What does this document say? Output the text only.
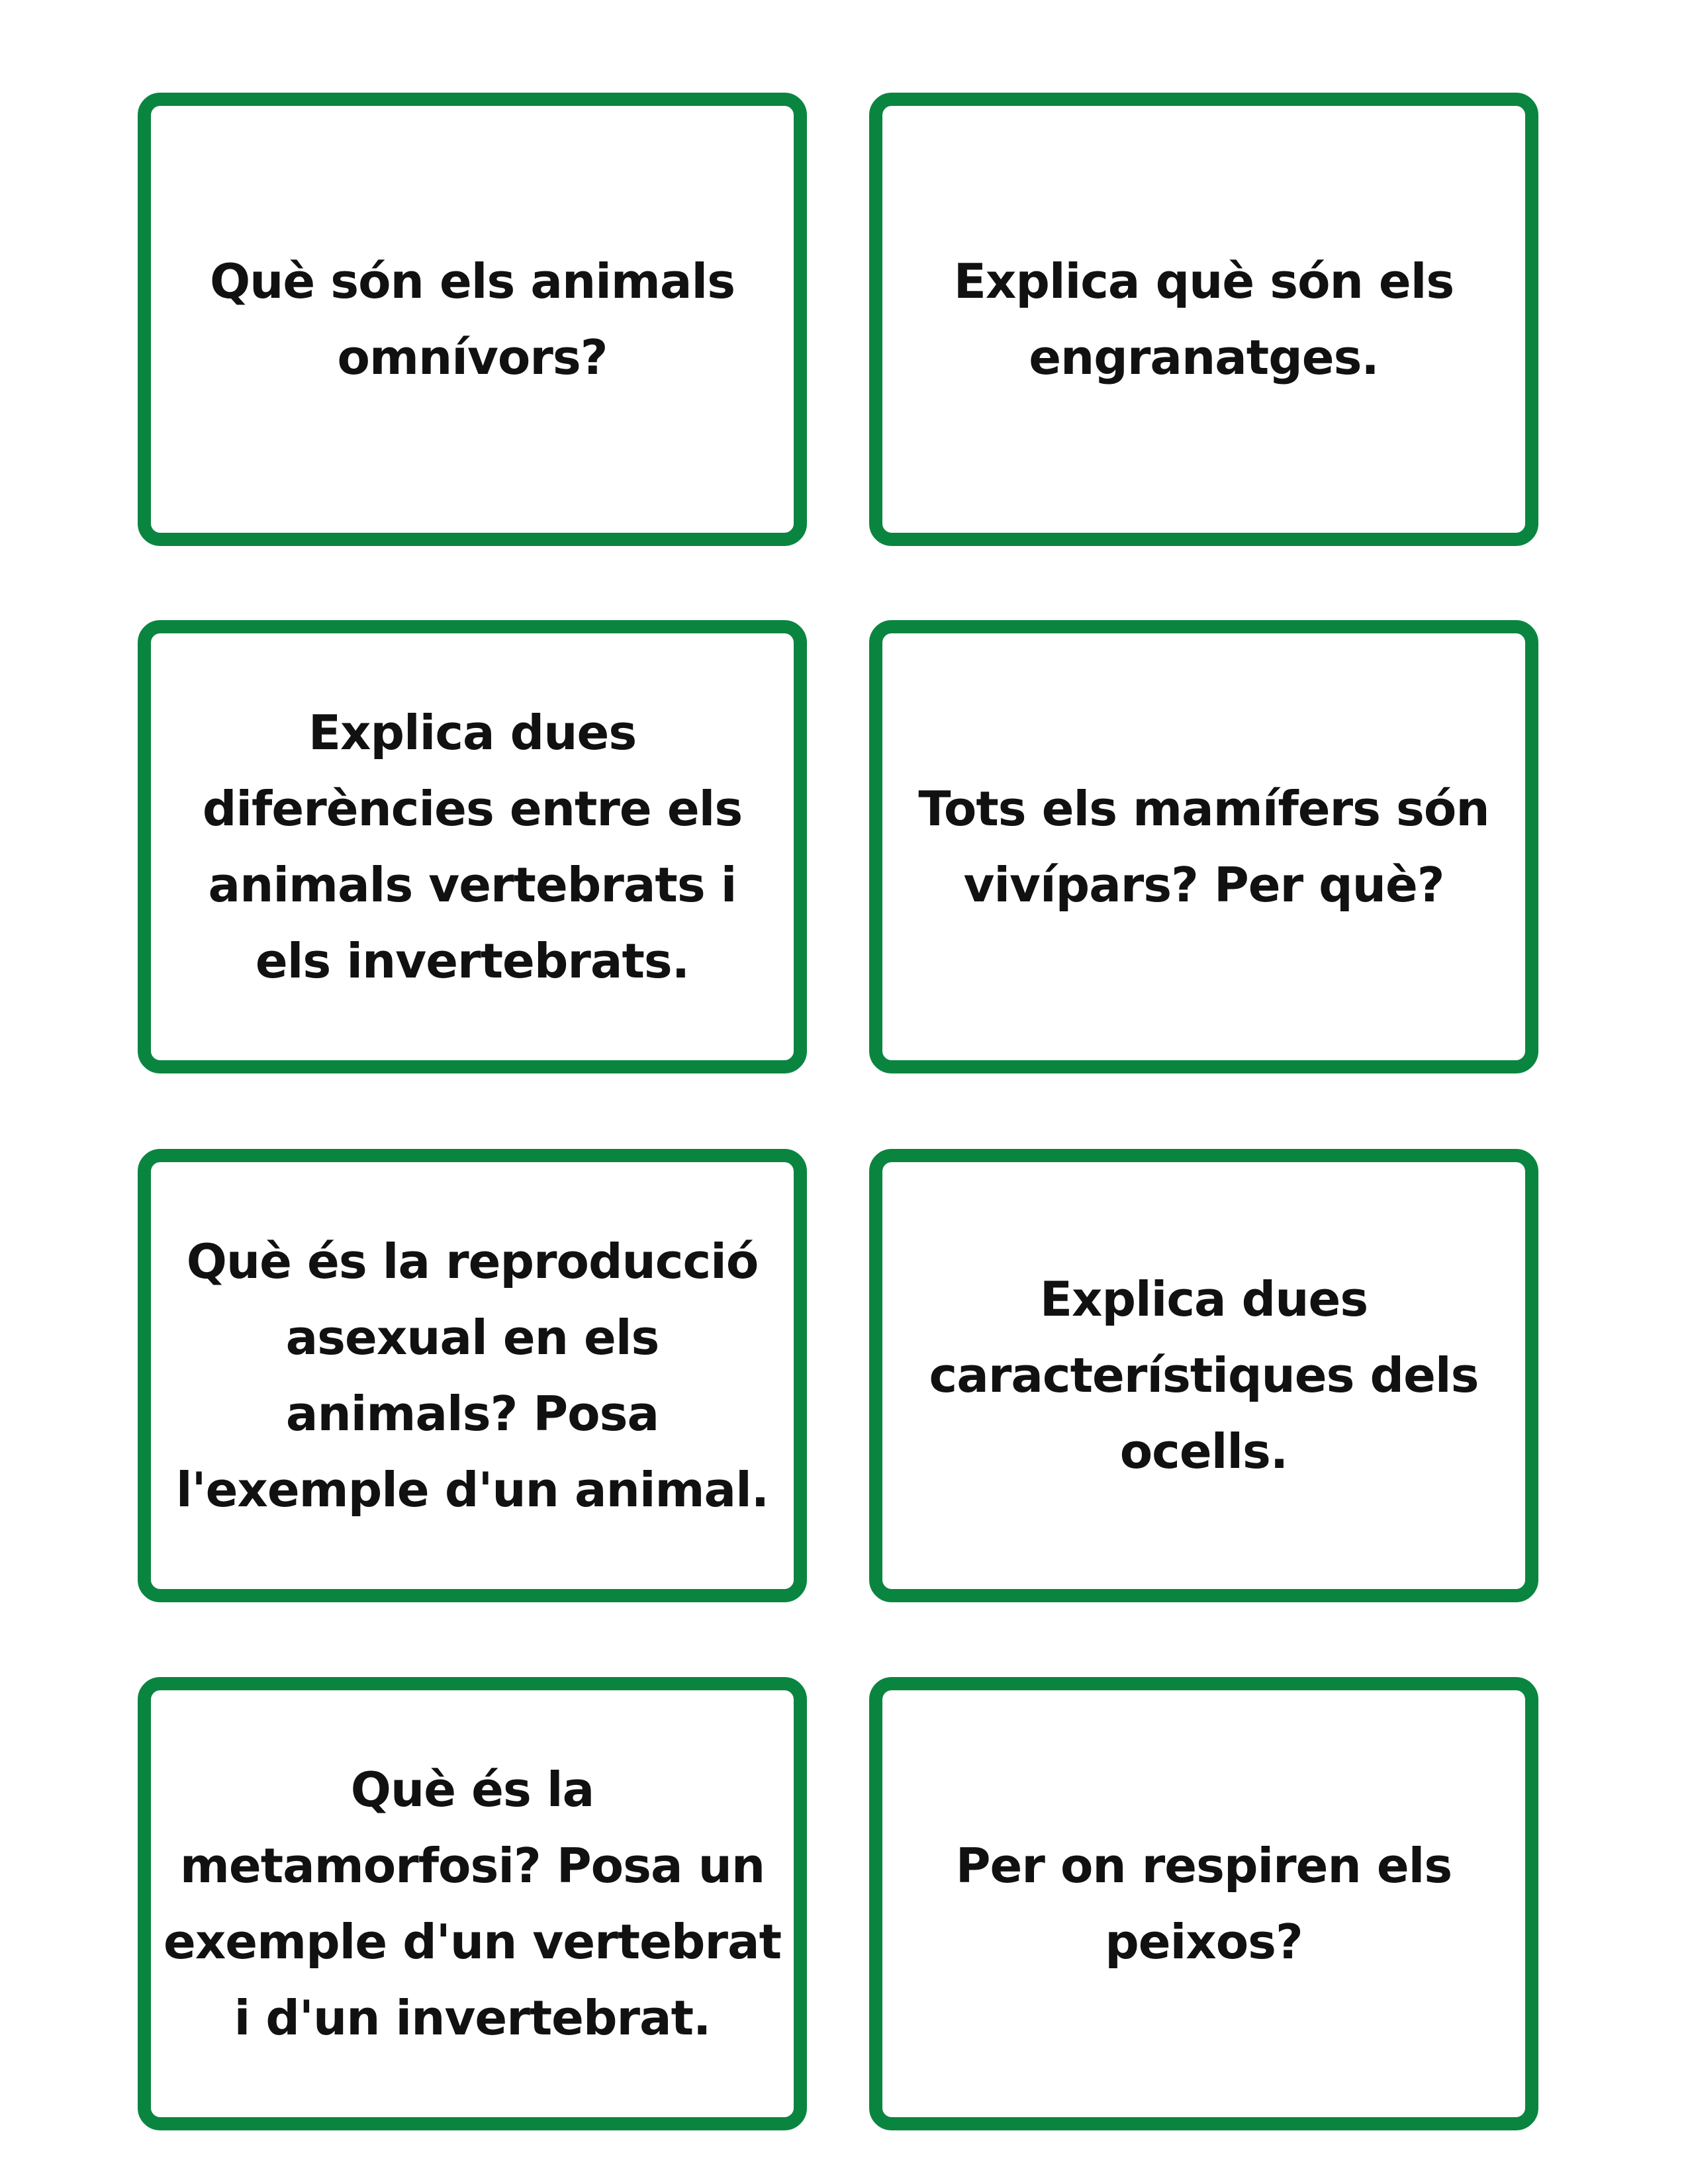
Què són els animals omnívors?
Explica què són els engranatges.
Explica dues diferències entre els animals vertebrats i els invertebrats.
Tots els mamífers són vivípars? Per què?
Què és la reproducció asexual en els animals? Posa l'exemple d'un animal.
Explica dues característiques dels ocells.
Què és la metamorfosi? Posa un exemple d'un vertebrat i d'un invertebrat.
Per on respiren els peixos?
